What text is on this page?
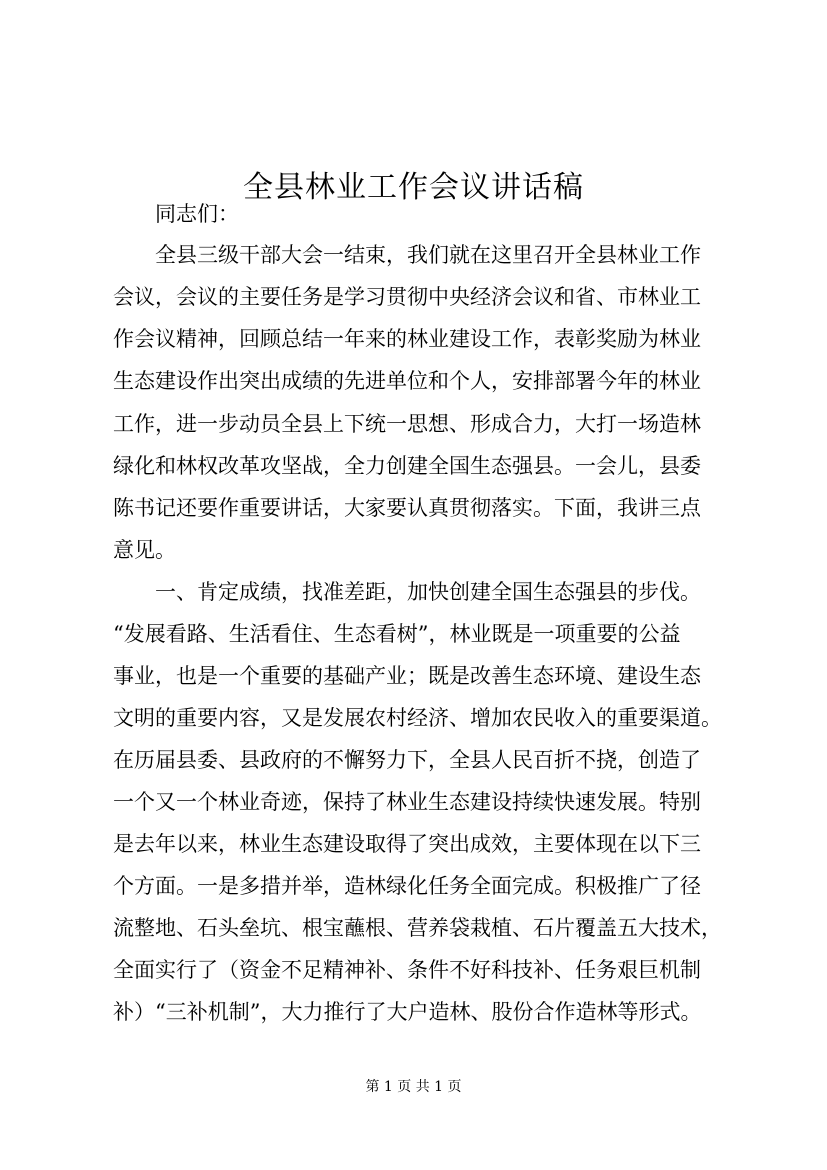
全县林业工作会议讲话稿
　　同志们：
　　全县三级干部大会一结束，我们就在这里召开全县林业工作
会议，会议的主要任务是学习贯彻中央经济会议和省、市林业工
作会议精神，回顾总结一年来的林业建设工作，表彰奖励为林业
生态建设作出突出成绩的先进单位和个人，安排部署今年的林业
工作，进一步动员全县上下统一思想、形成合力，大打一场造林
绿化和林权改革攻坚战，全力创建全国生态强县。一会儿，县委
陈书记还要作重要讲话，大家要认真贯彻落实。下面，我讲三点
意见。
　　一、肯定成绩，找准差距，加快创建全国生态强县的步伐。
“发展看路、生活看住、生态看树”，林业既是一项重要的公益
事业，也是一个重要的基础产业；既是改善生态环境、建设生态
文明的重要内容，又是发展农村经济、增加农民收入的重要渠道。
在历届县委、县政府的不懈努力下，全县人民百折不挠，创造了
一个又一个林业奇迹，保持了林业生态建设持续快速发展。特别
是去年以来，林业生态建设取得了突出成效，主要体现在以下三
个方面。一是多措并举，造林绿化任务全面完成。积极推广了径
流整地、石头垒坑、根宝蘸根、营养袋栽植、石片覆盖五大技术，
全面实行了（资金不足精神补、条件不好科技补、任务艰巨机制
补）“三补机制”，大力推行了大户造林、股份合作造林等形式。
第 1 页 共 1 页
